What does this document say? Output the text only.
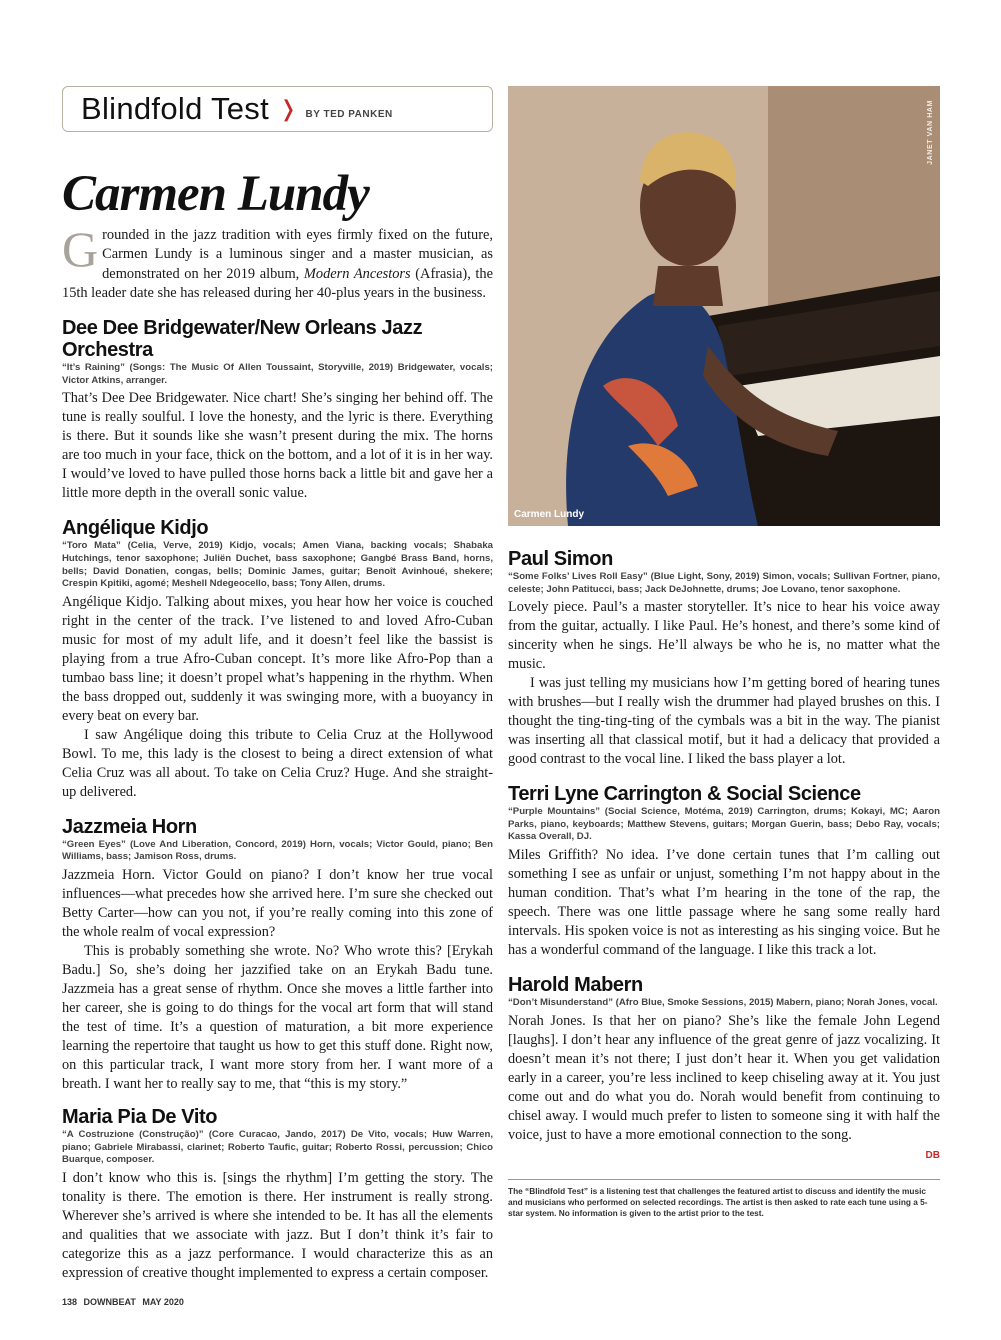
Blindfold Test ❭ BY TED PANKEN
Carmen Lundy

Grounded in the jazz tradition with eyes firmly fixed on the future, Carmen Lundy is a luminous singer and a master musician, as demonstrated on her 2019 album, Modern Ancestors (Afrasia), the 15th leader date she has released during her 40-plus years in the business.

Dee Dee Bridgewater/New Orleans Jazz Orchestra

“It’s Raining” (Songs: The Music Of Allen Toussaint, Storyville, 2019) Bridgewater, vocals; Victor Atkins, arranger.

That’s Dee Dee Bridgewater. Nice chart! She’s singing her behind off. The tune is really soulful. I love the honesty, and the lyric is there. Everything is there. But it sounds like she wasn’t present during the mix. The horns are too much in your face, thick on the bottom, and a lot of it is in her way. I would’ve loved to have pulled those horns back a little bit and gave her a little more depth in the overall sonic value.

Angélique Kidjo

“Toro Mata” (Celia, Verve, 2019) Kidjo, vocals; Amen Viana, backing vocals; Shabaka Hutchings, tenor saxophone; Juliën Duchet, bass saxophone; Gangbé Brass Band, horns, bells; David Donatien, congas, bells; Dominic James, guitar; Benoît Avinhoué, shekere; Crespin Kpitiki, agomé; Meshell Ndegeocello, bass; Tony Allen, drums.

Angélique Kidjo. Talking about mixes, you hear how her voice is couched right in the center of the track. I’ve listened to and loved Afro-Cuban music for most of my adult life, and it doesn’t feel like the bassist is playing from a true Afro-Cuban concept. It’s more like Afro-Pop than a tumbao bass line; it doesn’t propel what’s happening in the rhythm. When the bass dropped out, suddenly it was swinging more, with a buoyancy in every beat on every bar.

I saw Angélique doing this tribute to Celia Cruz at the Hollywood Bowl. To me, this lady is the closest to being a direct extension of what Celia Cruz was all about. To take on Celia Cruz? Huge. And she straight-up delivered.

Jazzmeia Horn

“Green Eyes” (Love And Liberation, Concord, 2019) Horn, vocals; Victor Gould, piano; Ben Williams, bass; Jamison Ross, drums.

Jazzmeia Horn. Victor Gould on piano? I don’t know her true vocal influences—what precedes how she arrived here. I’m sure she checked out Betty Carter—how can you not, if you’re really coming into this zone of the whole realm of vocal expression?

This is probably something she wrote. No? Who wrote this? [Erykah Badu.] So, she’s doing her jazzified take on an Erykah Badu tune. Jazzmeia has a great sense of rhythm. Once she moves a little farther into her career, she is going to do things for the vocal art form that will stand the test of time. It’s a question of maturation, a bit more experience learning the repertoire that taught us how to get this stuff done. Right now, on this particular track, I want more story from her. I want more of a breath. I want her to really say to me, that “this is my story.”

Maria Pia De Vito

“A Costruzione (Construção)” (Core Curacao, Jando, 2017) De Vito, vocals; Huw Warren, piano; Gabriele Mirabassi, clarinet; Roberto Taufic, guitar; Roberto Rossi, percussion; Chico Buarque, composer.

I don’t know who this is. [sings the rhythm] I’m getting the story. The tonality is there. The emotion is there. Her instrument is really strong. Wherever she’s arrived is where she intended to be. It has all the elements and qualities that we associate with jazz. But I don’t think it’s fair to categorize this as a jazz performance. I would characterize this as an expression of creative thought implemented to express a certain composer.

JANET VAN HAM
Carmen Lundy
Paul Simon

“Some Folks’ Lives Roll Easy” (Blue Light, Sony, 2019) Simon, vocals; Sullivan Fortner, piano, celeste; John Patitucci, bass; Jack DeJohnette, drums; Joe Lovano, tenor saxophone.

Lovely piece. Paul’s a master storyteller. It’s nice to hear his voice away from the guitar, actually. I like Paul. He’s honest, and there’s some kind of sincerity when he sings. He’ll always be who he is, no matter what the music.

I was just telling my musicians how I’m getting bored of hearing tunes with brushes—but I really wish the drummer had played brushes on this. I thought the ting-ting-ting of the cymbals was a bit in the way. The pianist was inserting all that classical motif, but it had a delicacy that provided a good contrast to the vocal line. I liked the bass player a lot.

Terri Lyne Carrington & Social Science

“Purple Mountains” (Social Science, Motéma, 2019) Carrington, drums; Kokayi, MC; Aaron Parks, piano, keyboards; Matthew Stevens, guitars; Morgan Guerin, bass; Debo Ray, vocals; Kassa Overall, DJ.

Miles Griffith? No idea. I’ve done certain tunes that I’m calling out something I see as unfair or unjust, something I’m not happy about in the human condition. That’s what I’m hearing in the tone of the rap, the speech. There was one little passage where he sang some really hard intervals. His spoken voice is not as interesting as his singing voice. But he has a wonderful command of the language. I like this track a lot.

Harold Mabern

“Don’t Misunderstand” (Afro Blue, Smoke Sessions, 2015) Mabern, piano; Norah Jones, vocal.

Norah Jones. Is that her on piano? She’s like the female John Legend [laughs]. I don’t hear any influence of the great genre of jazz vocalizing. It doesn’t mean it’s not there; I just don’t hear it. When you get validation early in a career, you’re less inclined to keep chiseling away at it. You just come out and do what you do. Norah would benefit from continuing to chisel away. I would much prefer to listen to someone sing it with half the voice, just to have a more emotional connection to the song.

DB

The “Blindfold Test” is a listening test that challenges the featured artist to discuss and identify the music and musicians who performed on selected recordings. The artist is then asked to rate each tune using a 5-star system. No information is given to the artist prior to the test.

138 DOWNBEAT MAY 2020
